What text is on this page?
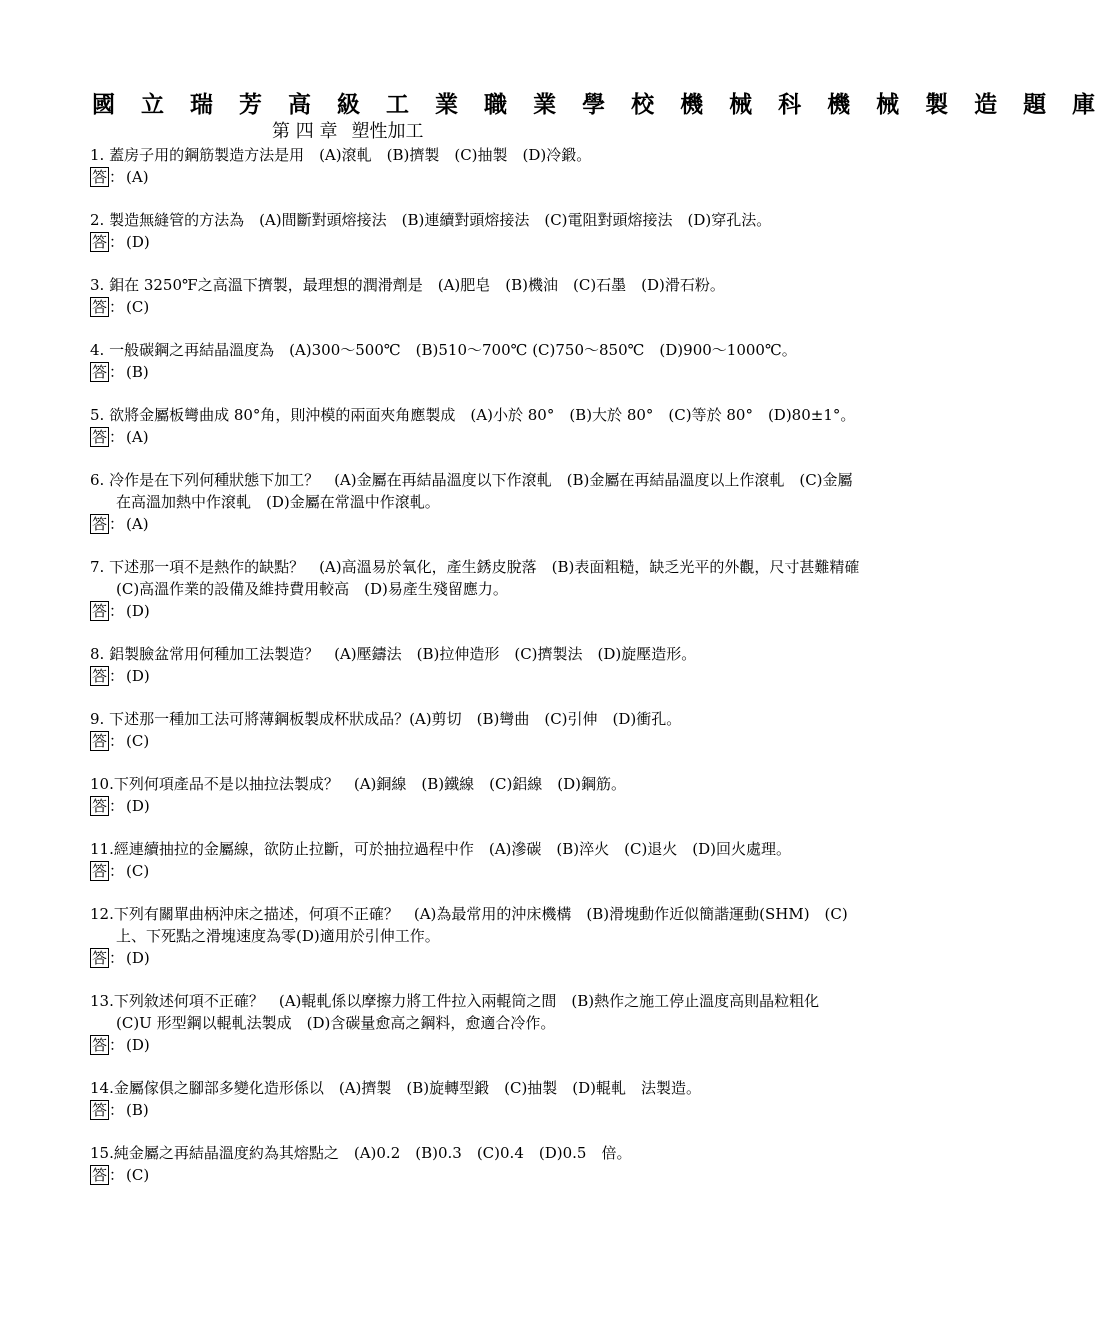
國 立 瑞 芳 高 級 工 業 職 業 學 校 機 械 科 機 械 製 造 題 庫
第 四 章 塑性加工

1. 蓋房子用的鋼筋製造方法是用　(A)滾軋　(B)擠製　(C)抽製　(D)冷鍛。

答 ： (A)

2. 製造無縫管的方法為　(A)間斷對頭熔接法　(B)連續對頭熔接法　(C)電阻對頭熔接法　(D)穿孔法。

答 ： (D)

3. 鉬在 3250℉之高溫下擠製，最理想的潤滑劑是　(A)肥皂　(B)機油　(C)石墨　(D)滑石粉。

答 ： (C)

4. 一般碳鋼之再結晶溫度為　(A)300～500℃　(B)510～700℃ (C)750～850℃　(D)900～1000℃。

答 ： (B)

5. 欲將金屬板彎曲成 80°角，則沖模的兩面夾角應製成　(A)小於 80°　(B)大於 80°　(C)等於 80°　(D)80±1°。

答 ： (A)

6. 冷作是在下列何種狀態下加工？　(A)金屬在再結晶溫度以下作滾軋　(B)金屬在再結晶溫度以上作滾軋　(C)金屬在高溫加熱中作滾軋　(D)金屬在常溫中作滾軋。

答 ： (A)

7. 下述那一項不是熱作的缺點？　(A)高溫易於氧化，產生銹皮脫落　(B)表面粗糙，缺乏光平的外觀，尺寸甚難精確　(C)高溫作業的設備及維持費用較高　(D)易產生殘留應力。

答 ： (D)

8. 鋁製臉盆常用何種加工法製造？　(A)壓鑄法　(B)拉伸造形　(C)擠製法　(D)旋壓造形。

答 ： (D)

9. 下述那一種加工法可將薄鋼板製成杯狀成品？(A)剪切　(B)彎曲　(C)引伸　(D)衝孔。

答 ： (C)

10.下列何項產品不是以抽拉法製成？　(A)銅線　(B)鐵線　(C)鋁線　(D)鋼筋。

答 ： (D)

11.經連續抽拉的金屬線，欲防止拉斷，可於抽拉過程中作　(A)滲碳　(B)淬火　(C)退火　(D)回火處理。

答 ： (C)

12.下列有關單曲柄沖床之描述，何項不正確？　(A)為最常用的沖床機構　(B)滑塊動作近似簡諧運動(SHM)　(C)上、下死點之滑塊速度為零(D)適用於引伸工作。

答 ： (D)

13.下列敘述何項不正確？　(A)輥軋係以摩擦力將工件拉入兩輥筒之間　(B)熱作之施工停止溫度高則晶粒粗化　(C)U 形型鋼以輥軋法製成　(D)含碳量愈高之鋼料，愈適合冷作。

答 ： (D)

14.金屬傢俱之腳部多變化造形係以　(A)擠製　(B)旋轉型鍛　(C)抽製　(D)輥軋　法製造。

答 ： (B)

15.純金屬之再結晶溫度約為其熔點之　(A)0.2　(B)0.3　(C)0.4　(D)0.5　倍。

答 ： (C)
